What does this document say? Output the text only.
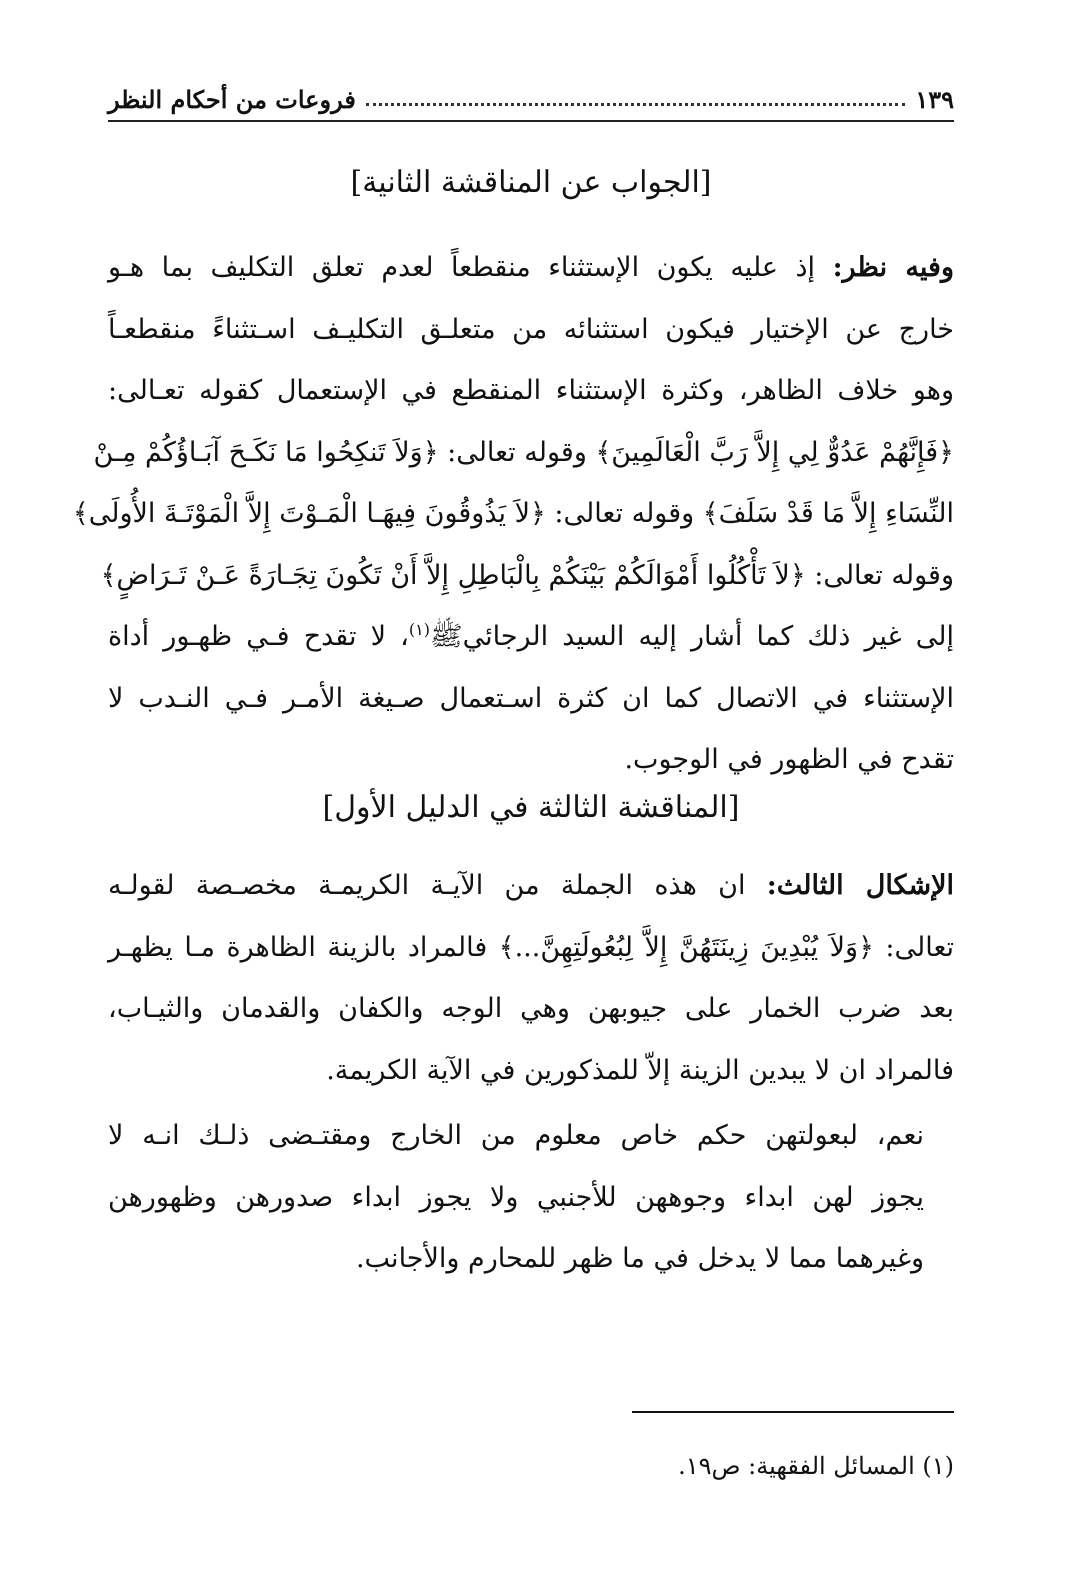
١٣٩
فروعات من أحكام النظر
[الجواب عن المناقشة الثانية]
وفيه نظر: إذ عليه يكون الإستثناء منقطعاً لعدم تعلق التكليف بما هـو
خارج عن الإختيار فيكون استثنائه من متعلـق التكليـف اسـتثناءً منقطعـاً
وهو خلاف الظاهر، وكثرة الإستثناء المنقطع في الإستعمال كقوله تعـالى:
﴿فَإِنَّهُمْ عَدُوٌّ لِي إِلاَّ رَبَّ الْعَالَمِينَ﴾ وقوله تعالى: ﴿وَلاَ تَنكِحُوا مَا نَكَـحَ آبَـاؤُكُمْ مِـنْ
النِّسَاءِ إِلاَّ مَا قَدْ سَلَفَ﴾ وقوله تعالى: ﴿لاَ يَذُوقُونَ فِيهَـا الْمَـوْتَ إِلاَّ الْمَوْتَـةَ الأُولَى﴾
وقوله تعالى: ﴿لاَ تَأْكُلُوا أَمْوَالَكُمْ بَيْنَكُمْ بِالْبَاطِلِ إِلاَّ أَنْ تَكُونَ تِجَـارَةً عَـنْ تَـرَاضٍ﴾
إلى غير ذلك كما أشار إليه السيد الرجائيﷺ$^{(١)}$، لا تقدح فـي ظهـور أداة
الإستثناء في الاتصال كما ان كثرة اسـتعمال صـيغة الأمـر فـي النـدب لا
تقدح في الظهور في الوجوب.
[المناقشة الثالثة في الدليل الأول]
الإشكال الثالث: ان هذه الجملة من الآيـة الكريمـة مخصـصة لقولـه
تعالى: ﴿وَلاَ يُبْدِينَ زِينَتَهُنَّ إِلاَّ لِبُعُولَتِهِنَّ...﴾ فالمراد بالزينة الظاهرة مـا يظهـر
بعد ضرب الخمار على جيوبهن وهي الوجه والكفان والقدمان والثيـاب،
فالمراد ان لا يبدين الزينة إلاّ للمذكورين في الآية الكريمة.
نعم، لبعولتهن حكم خاص معلوم من الخارج ومقتـضى ذلـك انـه لا
يجوز لهن ابداء وجوههن للأجنبي ولا يجوز ابداء صدورهن وظهورهن
وغيرهما مما لا يدخل في ما ظهر للمحارم والأجانب.
(١) المسائل الفقهية: ص١٩.
